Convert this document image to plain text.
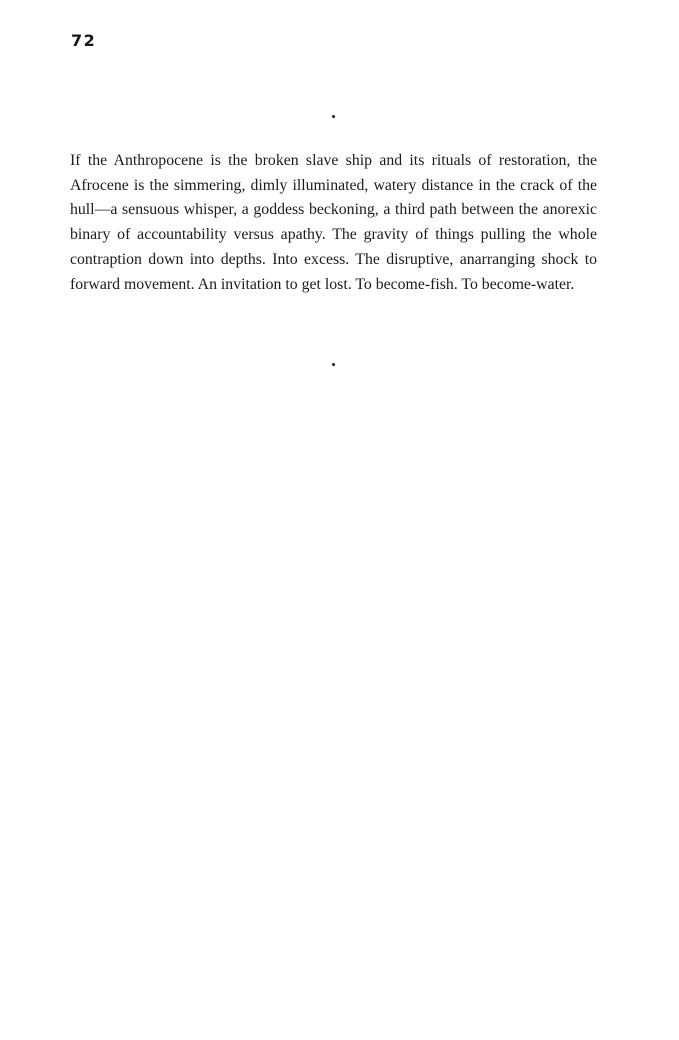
72
•

If the Anthropocene is the broken slave ship and its rituals of restoration, the Afrocene is the simmering, dimly illuminated, watery distance in the crack of the hull—a sensuous whisper, a goddess beckoning, a third path between the anorexic binary of accountability versus apathy. The gravity of things pulling the whole contraption down into depths. Into excess. The disruptive, anarranging shock to forward movement. An invitation to get lost. To become-fish. To become-water.

•
